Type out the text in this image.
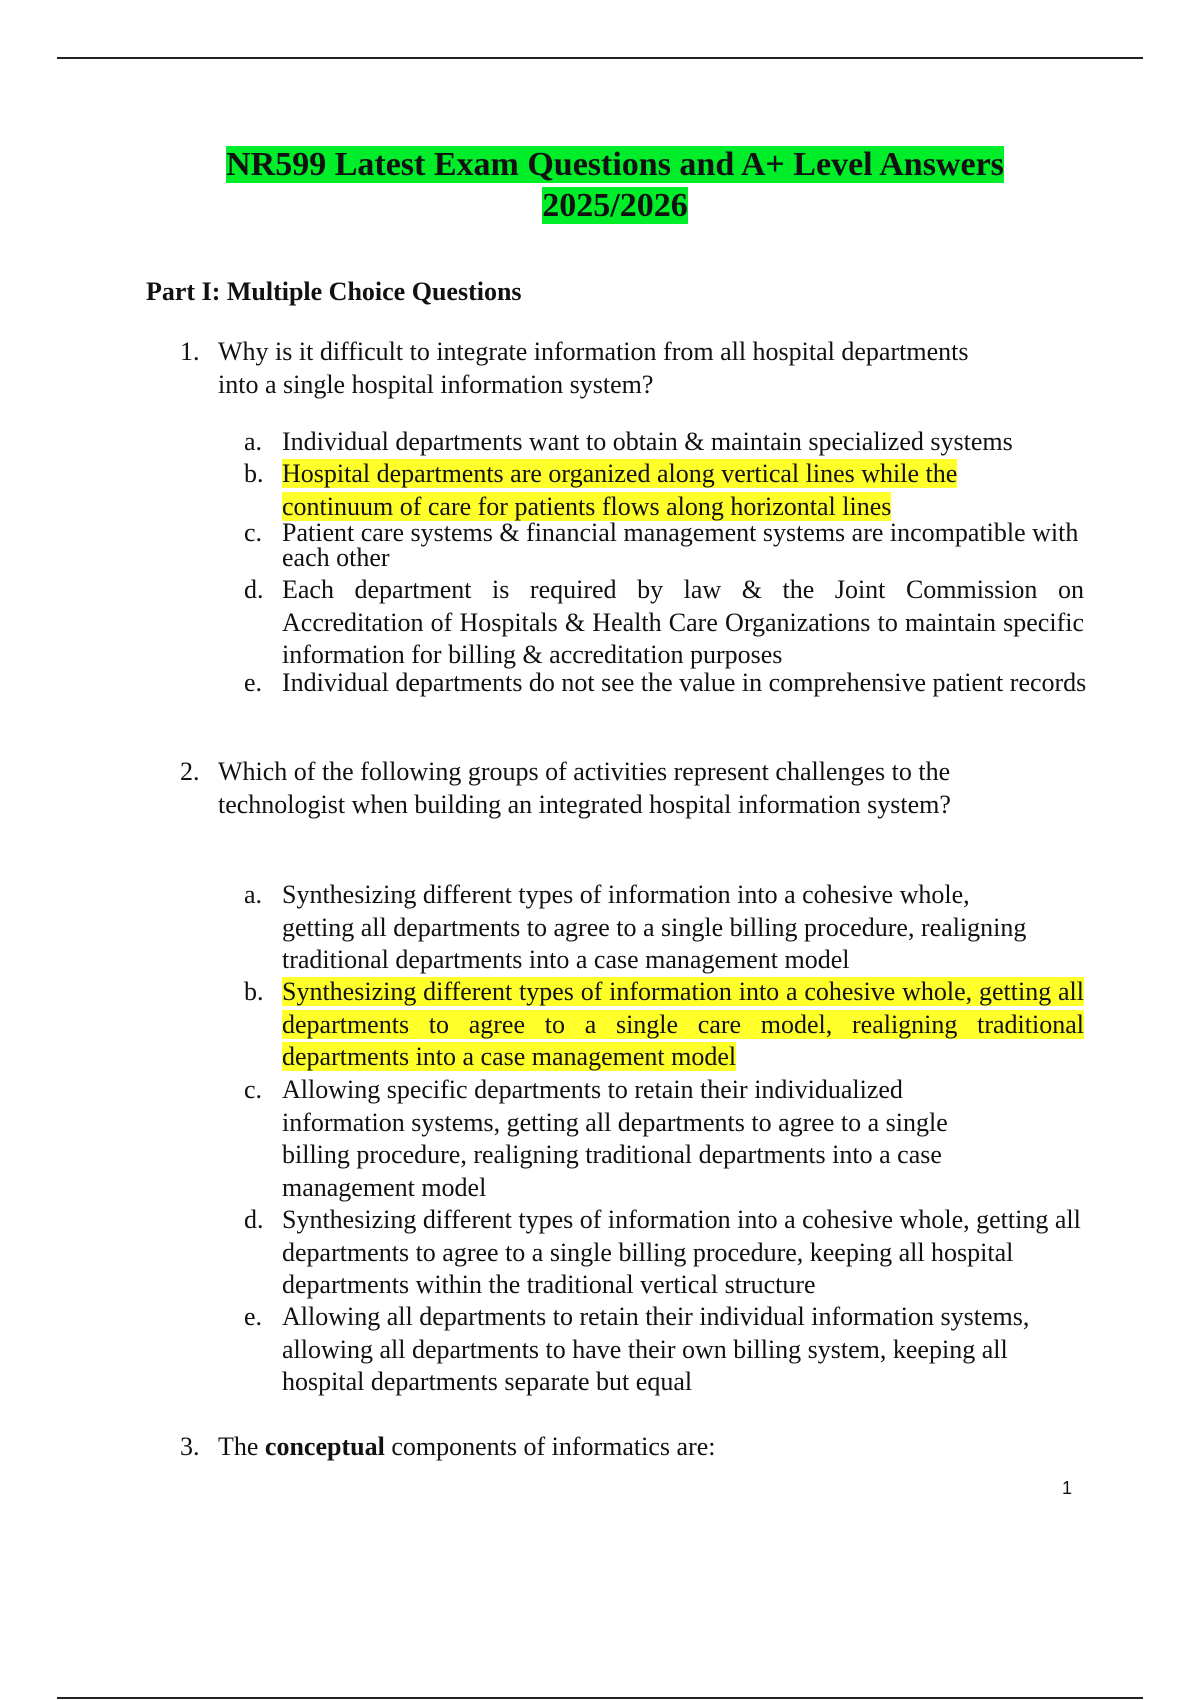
NR599 Latest Exam Questions and A+ Level Answers
2025/2026
Part I: Multiple Choice Questions
1. Why is it difficult to integrate information from all hospital departments into a single hospital information system?
a. Individual departments want to obtain & maintain specialized systems
b. Hospital departments are organized along vertical lines while the continuum of care for patients flows along horizontal lines
c. Patient care systems & financial management systems are incompatible with each other
d. Each department is required by law & the Joint Commission on Accreditation of Hospitals & Health Care Organizations to maintain specific information for billing & accreditation purposes
e. Individual departments do not see the value in comprehensive patient records
2. Which of the following groups of activities represent challenges to the technologist when building an integrated hospital information system?
a. Synthesizing different types of information into a cohesive whole, getting all departments to agree to a single billing procedure, realigning traditional departments into a case management model
b. Synthesizing different types of information into a cohesive whole, getting all departments to agree to a single care model, realigning traditional departments into a case management model
c. Allowing specific departments to retain their individualized information systems, getting all departments to agree to a single billing procedure, realigning traditional departments into a case management model
d. Synthesizing different types of information into a cohesive whole, getting all departments to agree to a single billing procedure, keeping all hospital departments within the traditional vertical structure
e. Allowing all departments to retain their individual information systems, allowing all departments to have their own billing system, keeping all hospital departments separate but equal
3. The conceptual components of informatics are:
1
